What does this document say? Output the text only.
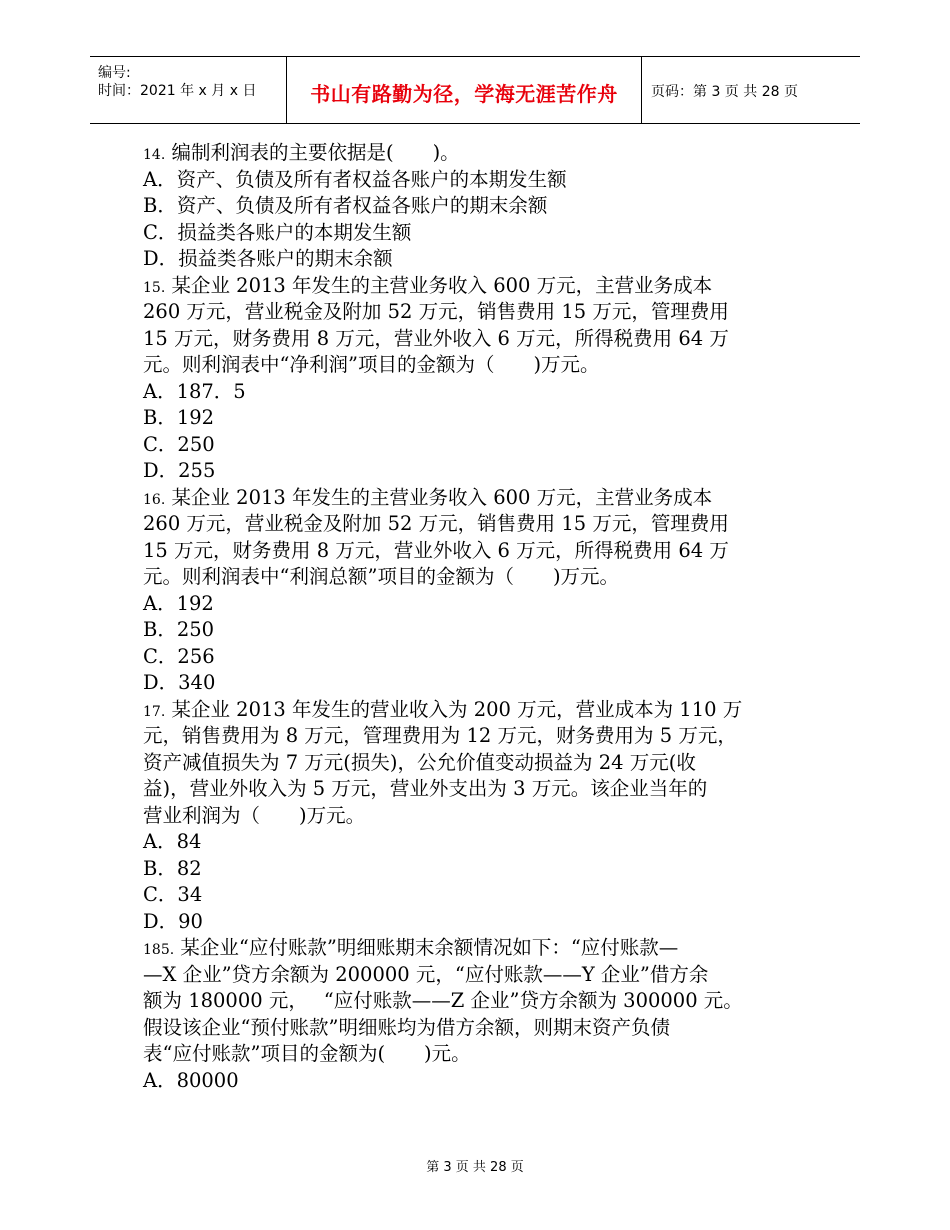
编号:
时间：2021 年 x 月 x 日	书山有路勤为径，学海无涯苦作舟	页码：第 3 页 共 28 页
14. 编制利润表的主要依据是(　　)。
A．资产、负债及所有者权益各账户的本期发生额
B．资产、负债及所有者权益各账户的期末余额
C．损益类各账户的本期发生额
D．损益类各账户的期末余额
15. 某企业 2013 年发生的主营业务收入 600 万元，主营业务成本
260 万元，营业税金及附加 52 万元，销售费用 15 万元，管理费用
15 万元，财务费用 8 万元，营业外收入 6 万元，所得税费用 64 万
元。则利润表中“净利润”项目的金额为（　　)万元。
A．187．5
B．192
C．250
D．255
16. 某企业 2013 年发生的主营业务收入 600 万元，主营业务成本
260 万元，营业税金及附加 52 万元，销售费用 15 万元，管理费用
15 万元，财务费用 8 万元，营业外收入 6 万元，所得税费用 64 万
元。则利润表中“利润总额”项目的金额为（　　)万元。
A．192
B．250
C．256
D．340
17. 某企业 2013 年发生的营业收入为 200 万元，营业成本为 110 万
元，销售费用为 8 万元，管理费用为 12 万元，财务费用为 5 万元，
资产减值损失为 7 万元(损失)，公允价值变动损益为 24 万元(收
益)，营业外收入为 5 万元，营业外支出为 3 万元。该企业当年的
营业利润为（　　)万元。
A．84
B．82
C．34
D．90
185. 某企业“应付账款”明细账期末余额情况如下：“应付账款—
—X 企业”贷方余额为 200000 元，“应付账款——Y 企业”借方余
额为 180000 元，　 “应付账款——Z 企业”贷方余额为 300000 元。
假设该企业“预付账款”明细账均为借方余额，则期末资产负债
表“应付账款”项目的金额为(　　)元。
A．80000
第 3 页 共 28 页
